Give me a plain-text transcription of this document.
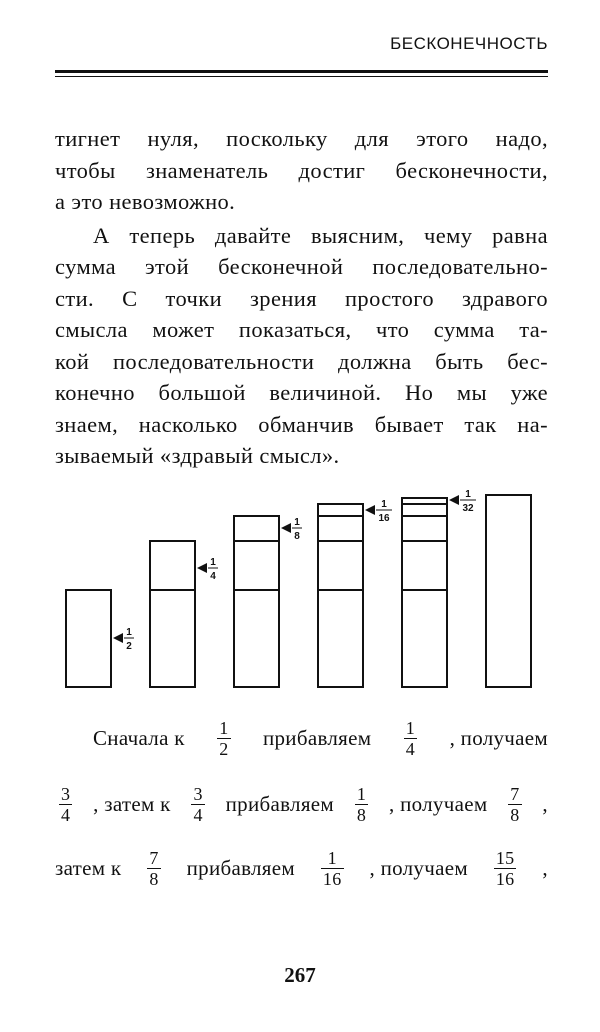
БЕСКОНЕЧНОСТЬ

тигнет нуля, поскольку для этого надо,
чтобы знаменатель достиг бесконечности,
а это невозможно.

А теперь давайте выясним, чему равна
сумма этой бесконечной последовательно-
сти. С точки зрения простого здравого
смысла может показаться, что сумма та-
кой последовательности должна быть бес-
конечно большой величиной. Но мы уже
знаем, насколько обманчив бывает так на-
зываемый «здравый смысл».

1
2
1
4
1
8
1
16
1
32
Сначала к $\frac{1}{2}$ прибавляем $\frac{1}{4}$ , получаем
$\frac{3}{4}$ , затем к $\frac{3}{4}$ прибавляем $\frac{1}{8}$ , получаем $\frac{7}{8}$ ,
затем к $\frac{7}{8}$ прибавляем $\frac{1}{16}$ , получаем $\frac{15}{16}$ ,
267
